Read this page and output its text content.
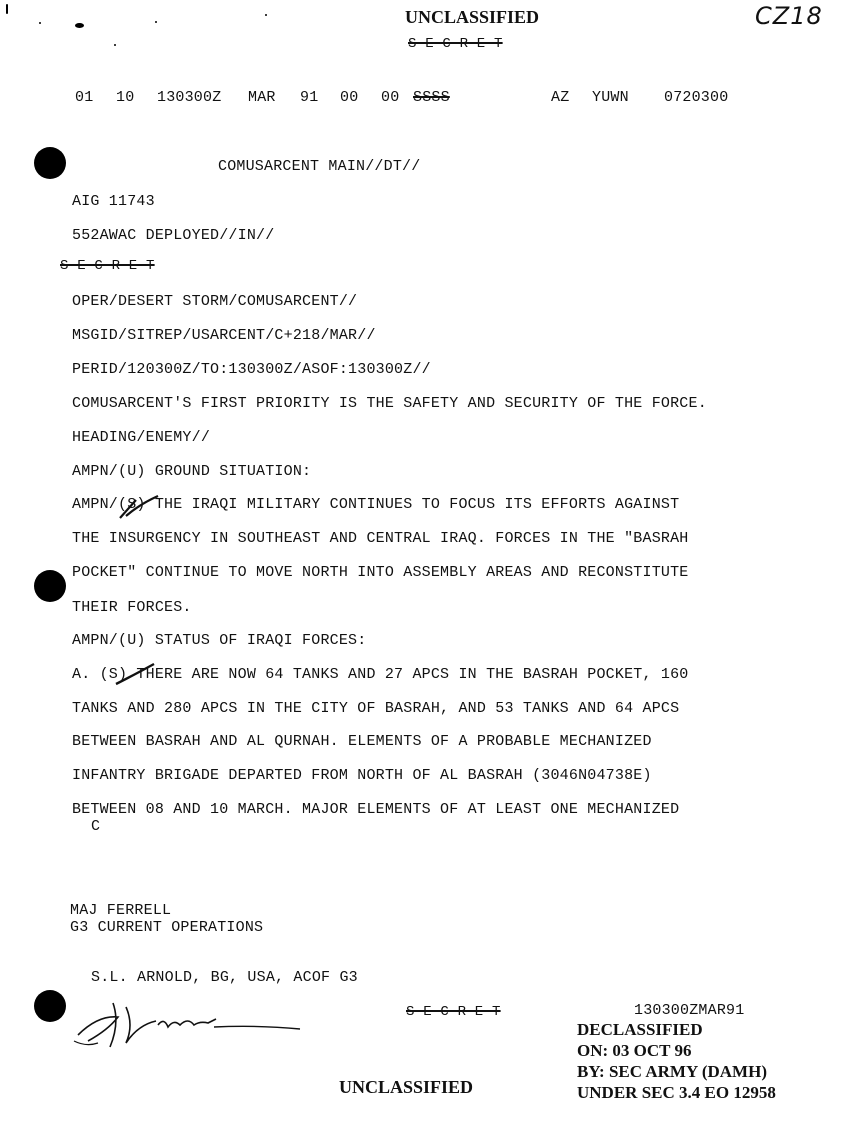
UNCLASSIFIED	CZ18
S E C R E T
01 10 130300Z MAR 91 00 00 SSSS	AZ YUWN 0720300
COMUSARCENT MAIN//DT//
AIG 11743
552AWAC DEPLOYED//IN//
S E C R E T
OPER/DESERT STORM/COMUSARCENT//
MSGID/SITREP/USARCENT/C+218/MAR//
PERID/120300Z/TO:130300Z/ASOF:130300Z//
COMUSARCENT'S FIRST PRIORITY IS THE SAFETY AND SECURITY OF THE FORCE.
HEADING/ENEMY//
AMPN/(U) GROUND SITUATION:
AMPN/(S) THE IRAQI MILITARY CONTINUES TO FOCUS ITS EFFORTS AGAINST
THE INSURGENCY IN SOUTHEAST AND CENTRAL IRAQ. FORCES IN THE "BASRAH
POCKET" CONTINUE TO MOVE NORTH INTO ASSEMBLY AREAS AND RECONSTITUTE
THEIR FORCES.
AMPN/(U) STATUS OF IRAQI FORCES:
A. (S) THERE ARE NOW 64 TANKS AND 27 APCS IN THE BASRAH POCKET, 160
TANKS AND 280 APCS IN THE CITY OF BASRAH, AND 53 TANKS AND 64 APCS
BETWEEN BASRAH AND AL QURNAH. ELEMENTS OF A PROBABLE MECHANIZED
INFANTRY BRIGADE DEPARTED FROM NORTH OF AL BASRAH (3046N04738E)
BETWEEN 08 AND 10 MARCH. MAJOR ELEMENTS OF AT LEAST ONE MECHANIZED
C
MAJ FERRELL
G3 CURRENT OPERATIONS
S.L. ARNOLD, BG, USA, ACOF G3
S E C R E T	130300ZMAR91
DECLASSIFIED
ON: 03 OCT 96
BY: SEC ARMY (DAMH)
UNDER SEC 3.4 EO 12958
UNCLASSIFIED
